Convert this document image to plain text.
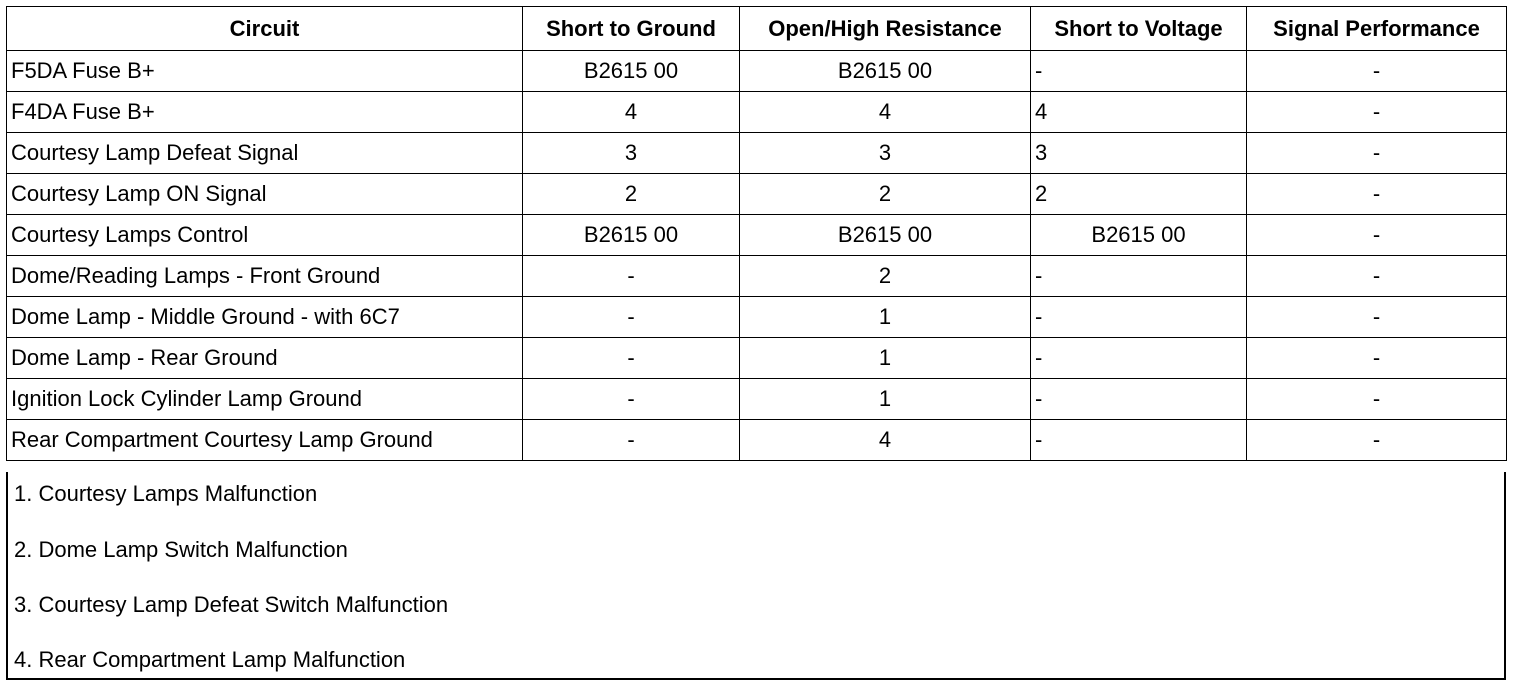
Circuit	Short to Ground	Open/High Resistance	Short to Voltage	Signal Performance
F5DA Fuse B+	B2615 00	B2615 00	-	-
F4DA Fuse B+	4	4	4	-
Courtesy Lamp Defeat Signal	3	3	3	-
Courtesy Lamp ON Signal	2	2	2	-
Courtesy Lamps Control	B2615 00	B2615 00	B2615 00	-
Dome/Reading Lamps - Front Ground	-	2	-	-
Dome Lamp - Middle Ground - with 6C7	-	1	-	-
Dome Lamp - Rear Ground	-	1	-	-
Ignition Lock Cylinder Lamp Ground	-	1	-	-
Rear Compartment Courtesy Lamp Ground	-	4	-	-

1. Courtesy Lamps Malfunction

2. Dome Lamp Switch Malfunction

3. Courtesy Lamp Defeat Switch Malfunction

4. Rear Compartment Lamp Malfunction
